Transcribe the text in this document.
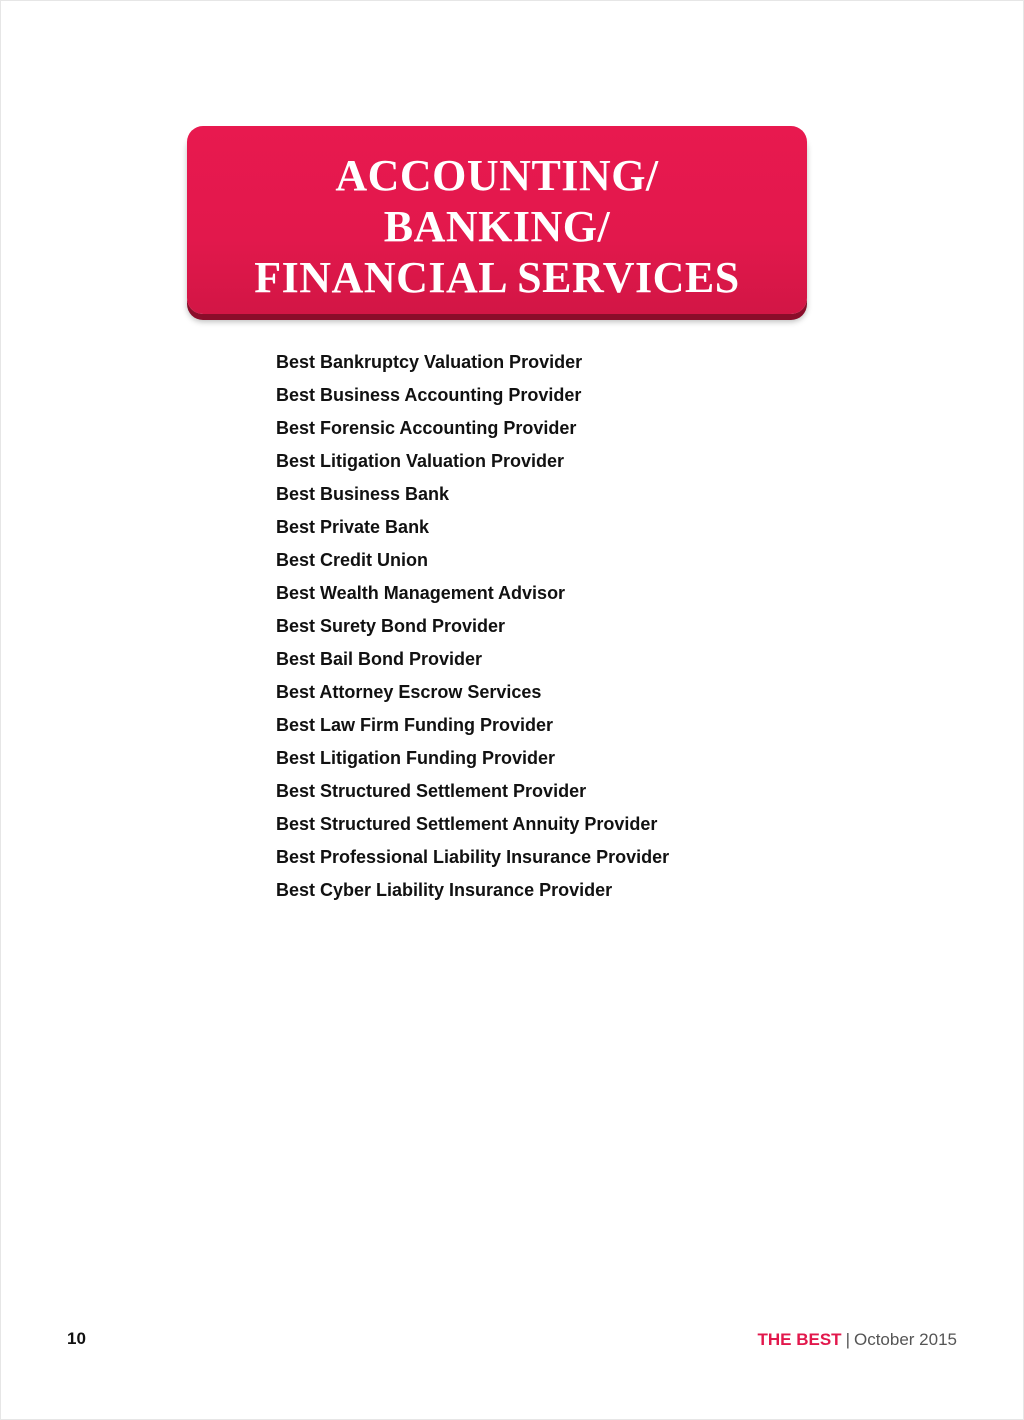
ACCOUNTING/
BANKING/
FINANCIAL SERVICES
Best Bankruptcy Valuation Provider
Best Business Accounting Provider
Best Forensic Accounting Provider
Best Litigation Valuation Provider
Best Business Bank
Best Private Bank
Best Credit Union
Best Wealth Management Advisor
Best Surety Bond Provider
Best Bail Bond Provider
Best Attorney Escrow Services
Best Law Firm Funding Provider
Best Litigation Funding Provider
Best Structured Settlement Provider
Best Structured Settlement Annuity Provider
Best Professional Liability Insurance Provider
Best Cyber Liability Insurance Provider
10	THE BEST | October 2015
